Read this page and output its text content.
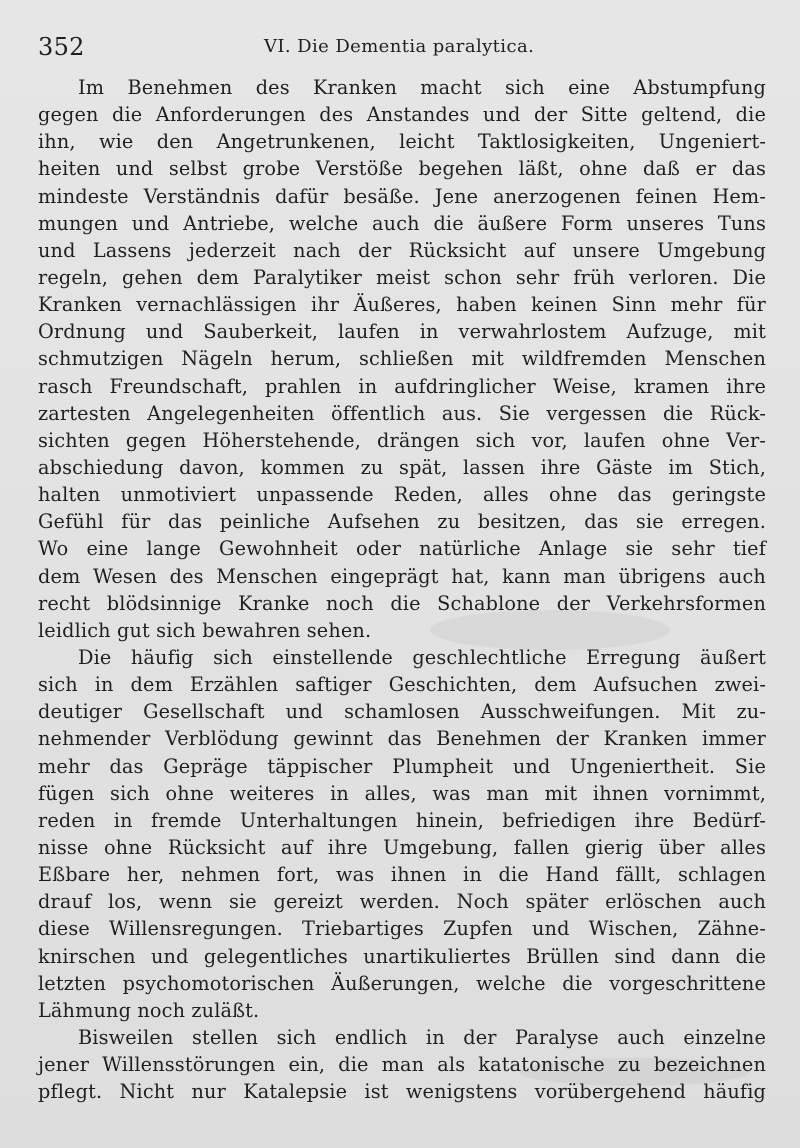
352	VI. Die Dementia paralytica.
Im Benehmen des Kranken macht sich eine Abstumpfung
gegen die Anforderungen des Anstandes und der Sitte geltend, die
ihn, wie den Angetrunkenen, leicht Taktlosigkeiten, Ungeniert-
heiten und selbst grobe Verstöße begehen läßt, ohne daß er das
mindeste Verständnis dafür besäße. Jene anerzogenen feinen Hem-
mungen und Antriebe, welche auch die äußere Form unseres Tuns
und Lassens jederzeit nach der Rücksicht auf unsere Umgebung
regeln, gehen dem Paralytiker meist schon sehr früh verloren. Die
Kranken vernachlässigen ihr Äußeres, haben keinen Sinn mehr für
Ordnung und Sauberkeit, laufen in verwahrlostem Aufzuge, mit
schmutzigen Nägeln herum, schließen mit wildfremden Menschen
rasch Freundschaft, prahlen in aufdringlicher Weise, kramen ihre
zartesten Angelegenheiten öffentlich aus. Sie vergessen die Rück-
sichten gegen Höherstehende, drängen sich vor, laufen ohne Ver-
abschiedung davon, kommen zu spät, lassen ihre Gäste im Stich,
halten unmotiviert unpassende Reden, alles ohne das geringste
Gefühl für das peinliche Aufsehen zu besitzen, das sie erregen.
Wo eine lange Gewohnheit oder natürliche Anlage sie sehr tief
dem Wesen des Menschen eingeprägt hat, kann man übrigens auch
recht blödsinnige Kranke noch die Schablone der Verkehrsformen
leidlich gut sich bewahren sehen.
Die häufig sich einstellende geschlechtliche Erregung äußert
sich in dem Erzählen saftiger Geschichten, dem Aufsuchen zwei-
deutiger Gesellschaft und schamlosen Ausschweifungen. Mit zu-
nehmender Verblödung gewinnt das Benehmen der Kranken immer
mehr das Gepräge täppischer Plumpheit und Ungeniertheit. Sie
fügen sich ohne weiteres in alles, was man mit ihnen vornimmt,
reden in fremde Unterhaltungen hinein, befriedigen ihre Bedürf-
nisse ohne Rücksicht auf ihre Umgebung, fallen gierig über alles
Eßbare her, nehmen fort, was ihnen in die Hand fällt, schlagen
drauf los, wenn sie gereizt werden. Noch später erlöschen auch
diese Willensregungen. Triebartiges Zupfen und Wischen, Zähne-
knirschen und gelegentliches unartikuliertes Brüllen sind dann die
letzten psychomotorischen Äußerungen, welche die vorgeschrittene
Lähmung noch zuläßt.
Bisweilen stellen sich endlich in der Paralyse auch einzelne
jener Willensstörungen ein, die man als katatonische zu bezeichnen
pflegt. Nicht nur Katalepsie ist wenigstens vorübergehend häufig
